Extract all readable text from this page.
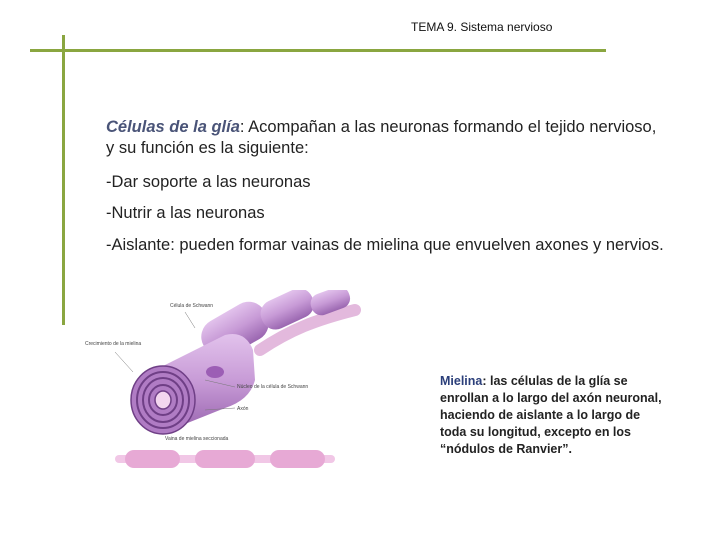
TEMA 9. Sistema nervioso
Células de la glía: Acompañan a las neuronas formando el tejido nervioso, y su función es la siguiente:
-Dar soporte a las neuronas
-Nutrir a las neuronas
-Aislante: pueden formar vainas de mielina que envuelven axones y nervios.
Célula de Schwann
Crecimiento de la mielina
Núcleo de la célula de Schwann
Axón
Vaina de mielina seccionada
Mielina: las células de la glía se enrollan a lo largo del axón neuronal, haciendo de aislante a lo largo de toda su longitud, excepto en los “nódulos de Ranvier”.
